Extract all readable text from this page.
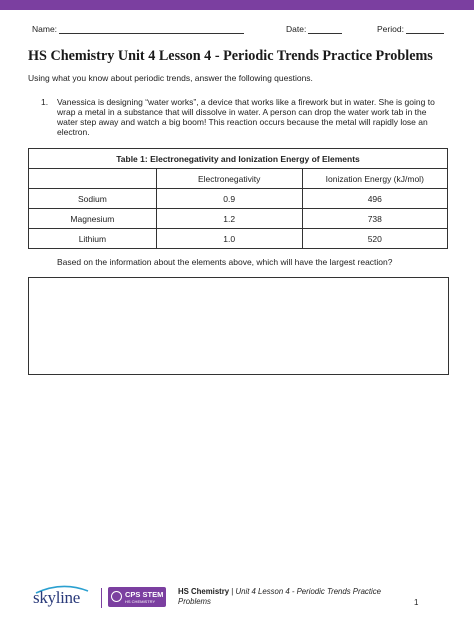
Name:	Date:	Period:
HS Chemistry Unit 4 Lesson 4 - Periodic Trends Practice Problems
Using what you know about periodic trends, answer the following questions.
1. Vanessica is designing “water works”, a device that works like a firework but in water. She is going to wrap a metal in a substance that will dissolve in water. A person can drop the water work tab in the water step away and watch a big boom! This reaction occurs because the metal will rapidly lose an electron.
Table 1: Electronegativity and Ionization Energy of Elements		
	Electronegativity	Ionization Energy (kJ/mol)
Sodium	0.9	496
Magnesium	1.2	738
Lithium	1.0	520
Based on the information about the elements above, which will have the largest reaction?
skyline	CPS STEM
HS CHEMISTRY
HS Chemistry | Unit 4 Lesson 4 - Periodic Trends Practice
Problems	1
